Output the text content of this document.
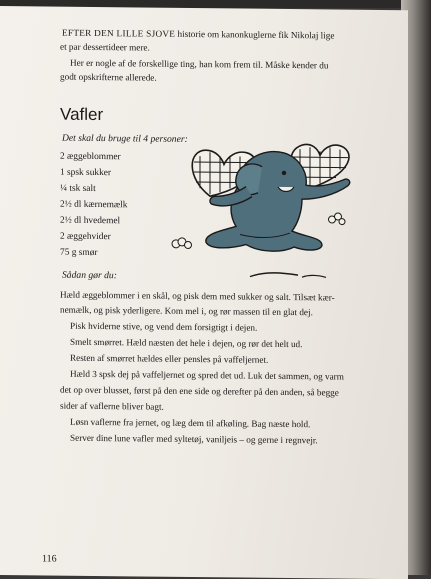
EFTER DEN LILLE SJOVE historie om kanonkuglerne fik Nikolaj lige
et par dessertideer mere.
Her er nogle af de forskellige ting, han kom frem til. Måske kender du
godt opskrifterne allerede.
Vafler
Det skal du bruge til 4 personer:
2 æggeblommer
1 spsk sukker
¼ tsk salt
2½ dl kærnemælk
2½ dl hvedemel
2 æggehvider
75 g smør
Sådan gør du:
Hæld æggeblommer i en skål, og pisk dem med sukker og salt. Tilsæt kær-
nemælk, og pisk yderligere. Kom mel i, og rør massen til en glat dej.
Pisk hviderne stive, og vend dem forsigtigt i dejen.
Smelt smørret. Hæld næsten det hele i dejen, og rør det helt ud.
Resten af smørret hældes eller pensles på vaffeljernet.
Hæld 3 spsk dej på vaffeljernet og spred det ud. Luk det sammen, og varm
det op over blusset, først på den ene side og derefter på den anden, så begge
sider af vaflerne bliver bagt.
Løsn vaflerne fra jernet, og læg dem til afkøling. Bag næste hold.
Server dine lune vafler med syltetøj, vaniljeis – og gerne i regnvejr.
116
